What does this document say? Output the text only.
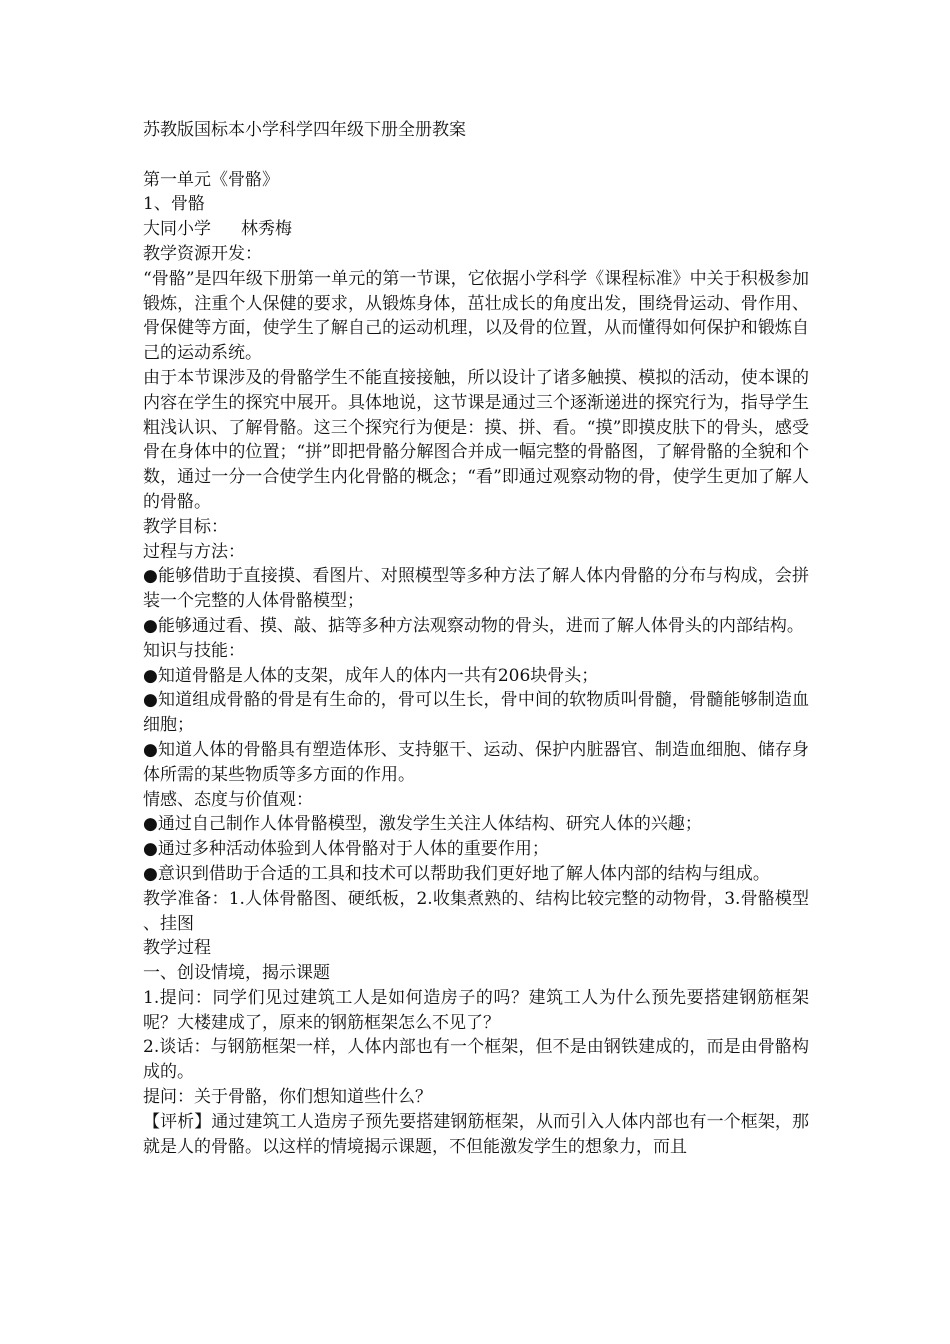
苏教版国标本小学科学四年级下册全册教案

第一单元《骨骼》

1、骨骼

大同小学 林秀梅

教学资源开发：

“骨骼”是四年级下册第一单元的第一节课，它依据小学科学《课程标准》中关于积极参加锻炼，注重个人保健的要求，从锻炼身体，茁壮成长的角度出发，围绕骨运动、骨作用、骨保健等方面，使学生了解自己的运动机理，以及骨的位置，从而懂得如何保护和锻炼自己的运动系统。

由于本节课涉及的骨骼学生不能直接接触，所以设计了诸多触摸、模拟的活动，使本课的内容在学生的探究中展开。具体地说，这节课是通过三个逐渐递进的探究行为，指导学生粗浅认识、了解骨骼。这三个探究行为便是：摸、拼、看。“摸”即摸皮肤下的骨头，感受骨在身体中的位置；“拼”即把骨骼分解图合并成一幅完整的骨骼图，了解骨骼的全貌和个数，通过一分一合使学生内化骨骼的概念；“看”即通过观察动物的骨，使学生更加了解人的骨骼。

教学目标：

过程与方法：

●能够借助于直接摸、看图片、对照模型等多种方法了解人体内骨骼的分布与构成，会拼装一个完整的人体骨骼模型；

●能够通过看、摸、敲、掂等多种方法观察动物的骨头，进而了解人体骨头的内部结构。

知识与技能：

●知道骨骼是人体的支架，成年人的体内一共有206块骨头；

●知道组成骨骼的骨是有生命的，骨可以生长，骨中间的软物质叫骨髓，骨髓能够制造血细胞；

●知道人体的骨骼具有塑造体形、支持躯干、运动、保护内脏器官、制造血细胞、储存身体所需的某些物质等多方面的作用。

情感、态度与价值观：

●通过自己制作人体骨骼模型，激发学生关注人体结构、研究人体的兴趣；

●通过多种活动体验到人体骨骼对于人体的重要作用；

●意识到借助于合适的工具和技术可以帮助我们更好地了解人体内部的结构与组成。

教学准备：1.人体骨骼图、硬纸板，2.收集煮熟的、结构比较完整的动物骨，3.骨骼模型 、挂图

教学过程

一、创设情境，揭示课题

1.提问：同学们见过建筑工人是如何造房子的吗？建筑工人为什么预先要搭建钢筋框架呢？大楼建成了，原来的钢筋框架怎么不见了？

2.谈话：与钢筋框架一样，人体内部也有一个框架，但不是由钢铁建成的，而是由骨骼构成的。

提问：关于骨骼，你们想知道些什么？

【评析】通过建筑工人造房子预先要搭建钢筋框架，从而引入人体内部也有一个框架，那就是人的骨骼。以这样的情境揭示课题，不但能激发学生的想象力，而且
